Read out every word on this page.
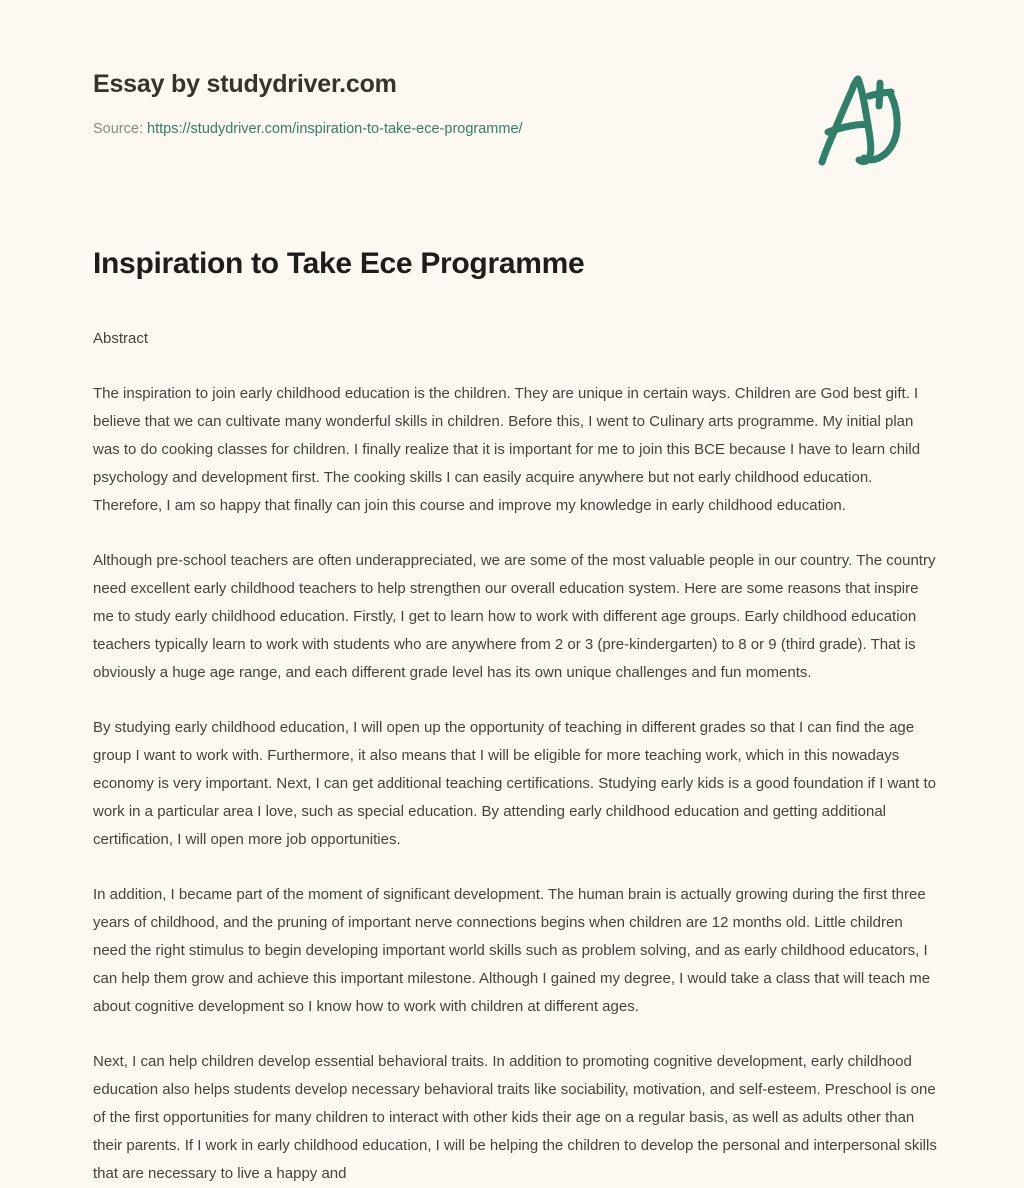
Essay by studydriver.com
Source: https://studydriver.com/inspiration-to-take-ece-programme/
Inspiration to Take Ece Programme

Abstract

The inspiration to join early childhood education is the children. They are unique in certain ways. Children are God best gift. I believe that we can cultivate many wonderful skills in children. Before this, I went to Culinary arts programme. My initial plan was to do cooking classes for children. I finally realize that it is important for me to join this BCE because I have to learn child psychology and development first. The cooking skills I can easily acquire anywhere but not early childhood education. Therefore, I am so happy that finally can join this course and improve my knowledge in early childhood education.

Although pre-school teachers are often underappreciated, we are some of the most valuable people in our country. The country need excellent early childhood teachers to help strengthen our overall education system. Here are some reasons that inspire me to study early childhood education. Firstly, I get to learn how to work with different age groups. Early childhood education teachers typically learn to work with students who are anywhere from 2 or 3 (pre-kindergarten) to 8 or 9 (third grade). That is obviously a huge age range, and each different grade level has its own unique challenges and fun moments.

By studying early childhood education, I will open up the opportunity of teaching in different grades so that I can find the age group I want to work with. Furthermore, it also means that I will be eligible for more teaching work, which in this nowadays economy is very important. Next, I can get additional teaching certifications. Studying early kids is a good foundation if I want to work in a particular area I love, such as special education. By attending early childhood education and getting additional certification, I will open more job opportunities.

In addition, I became part of the moment of significant development. The human brain is actually growing during the first three years of childhood, and the pruning of important nerve connections begins when children are 12 months old. Little children need the right stimulus to begin developing important world skills such as problem solving, and as early childhood educators, I can help them grow and achieve this important milestone. Although I gained my degree, I would take a class that will teach me about cognitive development so I know how to work with children at different ages.

Next, I can help children develop essential behavioral traits. In addition to promoting cognitive development, early childhood education also helps students develop necessary behavioral traits like sociability, motivation, and self-esteem. Preschool is one of the first opportunities for many children to interact with other kids their age on a regular basis, as well as adults other than their parents. If I work in early childhood education, I will be helping the children to develop the personal and interpersonal skills that are necessary to live a happy and
